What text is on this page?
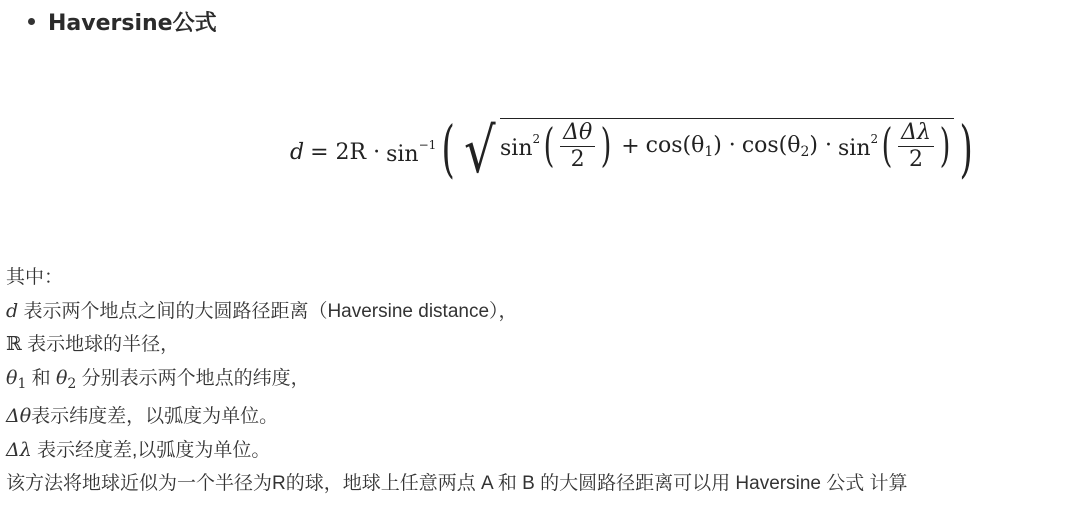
Haversine公式
$d = 2R \cdot \sin^{-1}$ ( √ $\sin^2$ ( $\frac{\Delta\theta}{2}$ ) + $\cos(\theta_1) \cdot \cos(\theta_2) \cdot \sin^2$ ( $\frac{\Delta\lambda}{2}$ ) )
其中：
d 表示两个地点之间的大圆路径距离（Haversine distance），
ℝ 表示地球的半径，
$\theta_1$ 和 $\theta_2$ 分别表示两个地点的纬度，
Δθ表示纬度差，以弧度为单位。
Δλ 表示经度差,以弧度为单位。
该方法将地球近似为一个半径为R的球，地球上任意两点 A 和 B 的大圆路径距离可以用 Haversine 公式 计算
